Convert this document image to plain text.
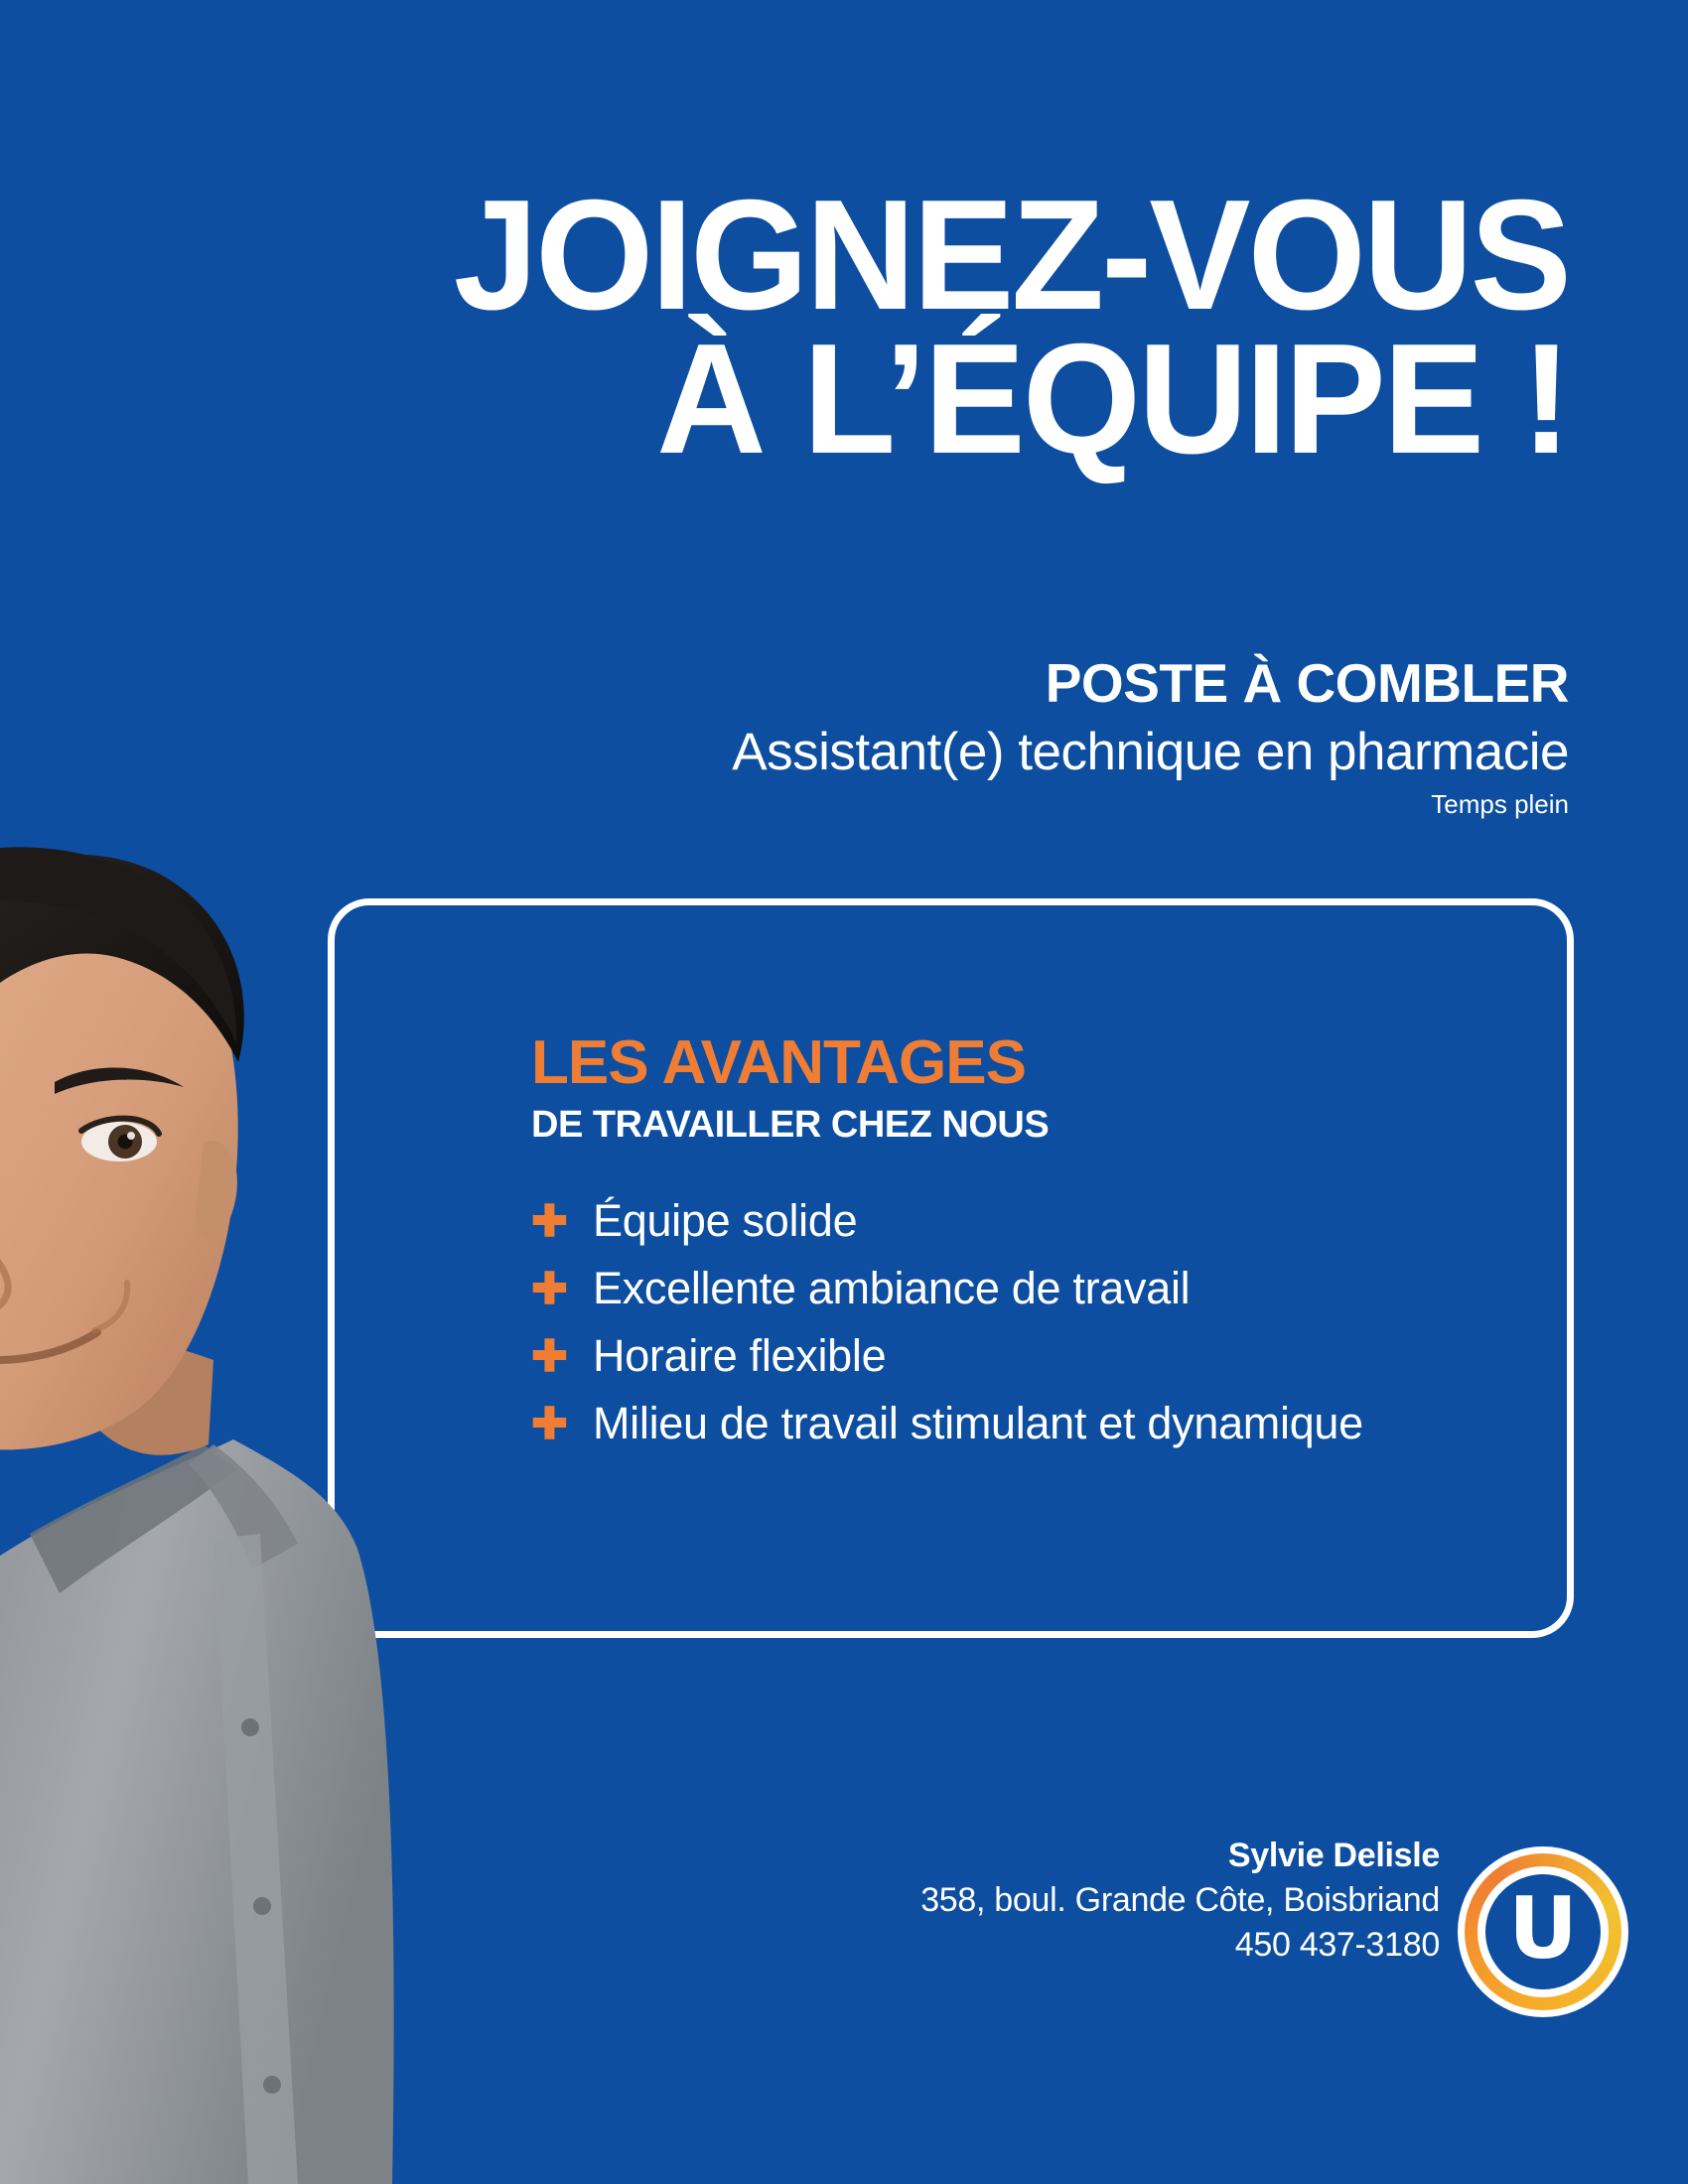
JOIGNEZ-VOUS
À L’ÉQUIPE !
POSTE À COMBLER
Assistant(e) technique en pharmacie
Temps plein
LES AVANTAGES
DE TRAVAILLER CHEZ NOUS
✚ Équipe solide
✚ Excellente ambiance de travail
✚ Horaire flexible
✚ Milieu de travail stimulant et dynamique
Sylvie Delisle
358, boul. Grande Côte, Boisbriand
450 437-3180 U
